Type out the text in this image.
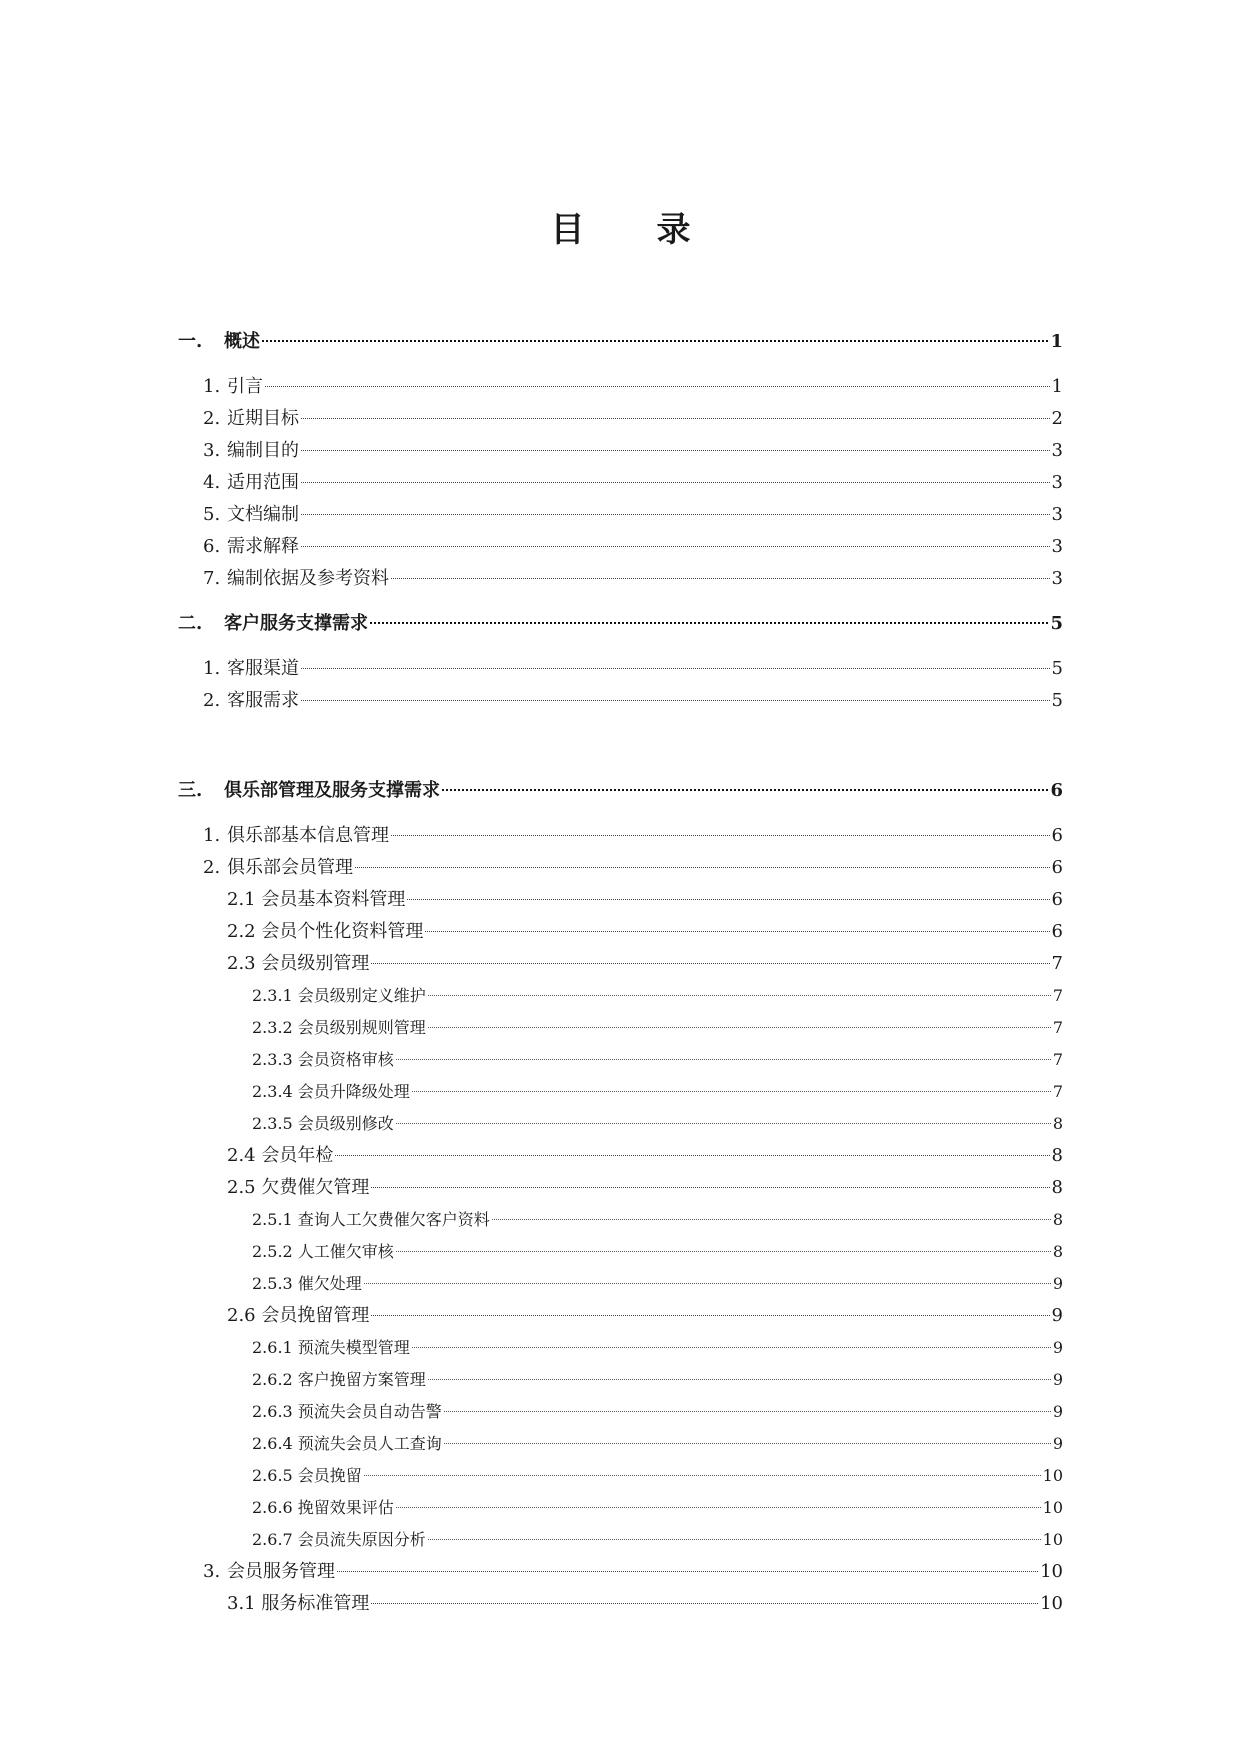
目 录
一.	概述	1
1. 引言	1
2. 近期目标	2
3. 编制目的	3
4. 适用范围	3
5. 文档编制	3
6. 需求解释	3
7. 编制依据及参考资料	3
二.	客户服务支撑需求	5
1. 客服渠道	5
2. 客服需求	5
三.	俱乐部管理及服务支撑需求	6
1. 俱乐部基本信息管理	6
2. 俱乐部会员管理	6
2.1 会员基本资料管理	6
2.2 会员个性化资料管理	6
2.3 会员级别管理	7
2.3.1 会员级别定义维护	7
2.3.2 会员级别规则管理	7
2.3.3 会员资格审核	7
2.3.4 会员升降级处理	7
2.3.5 会员级别修改	8
2.4 会员年检	8
2.5 欠费催欠管理	8
2.5.1 查询人工欠费催欠客户资料	8
2.5.2 人工催欠审核	8
2.5.3 催欠处理	9
2.6 会员挽留管理	9
2.6.1 预流失模型管理	9
2.6.2 客户挽留方案管理	9
2.6.3 预流失会员自动告警	9
2.6.4 预流失会员人工查询	9
2.6.5 会员挽留	10
2.6.6 挽留效果评估	10
2.6.7 会员流失原因分析	10
3. 会员服务管理	10
3.1 服务标准管理	10
